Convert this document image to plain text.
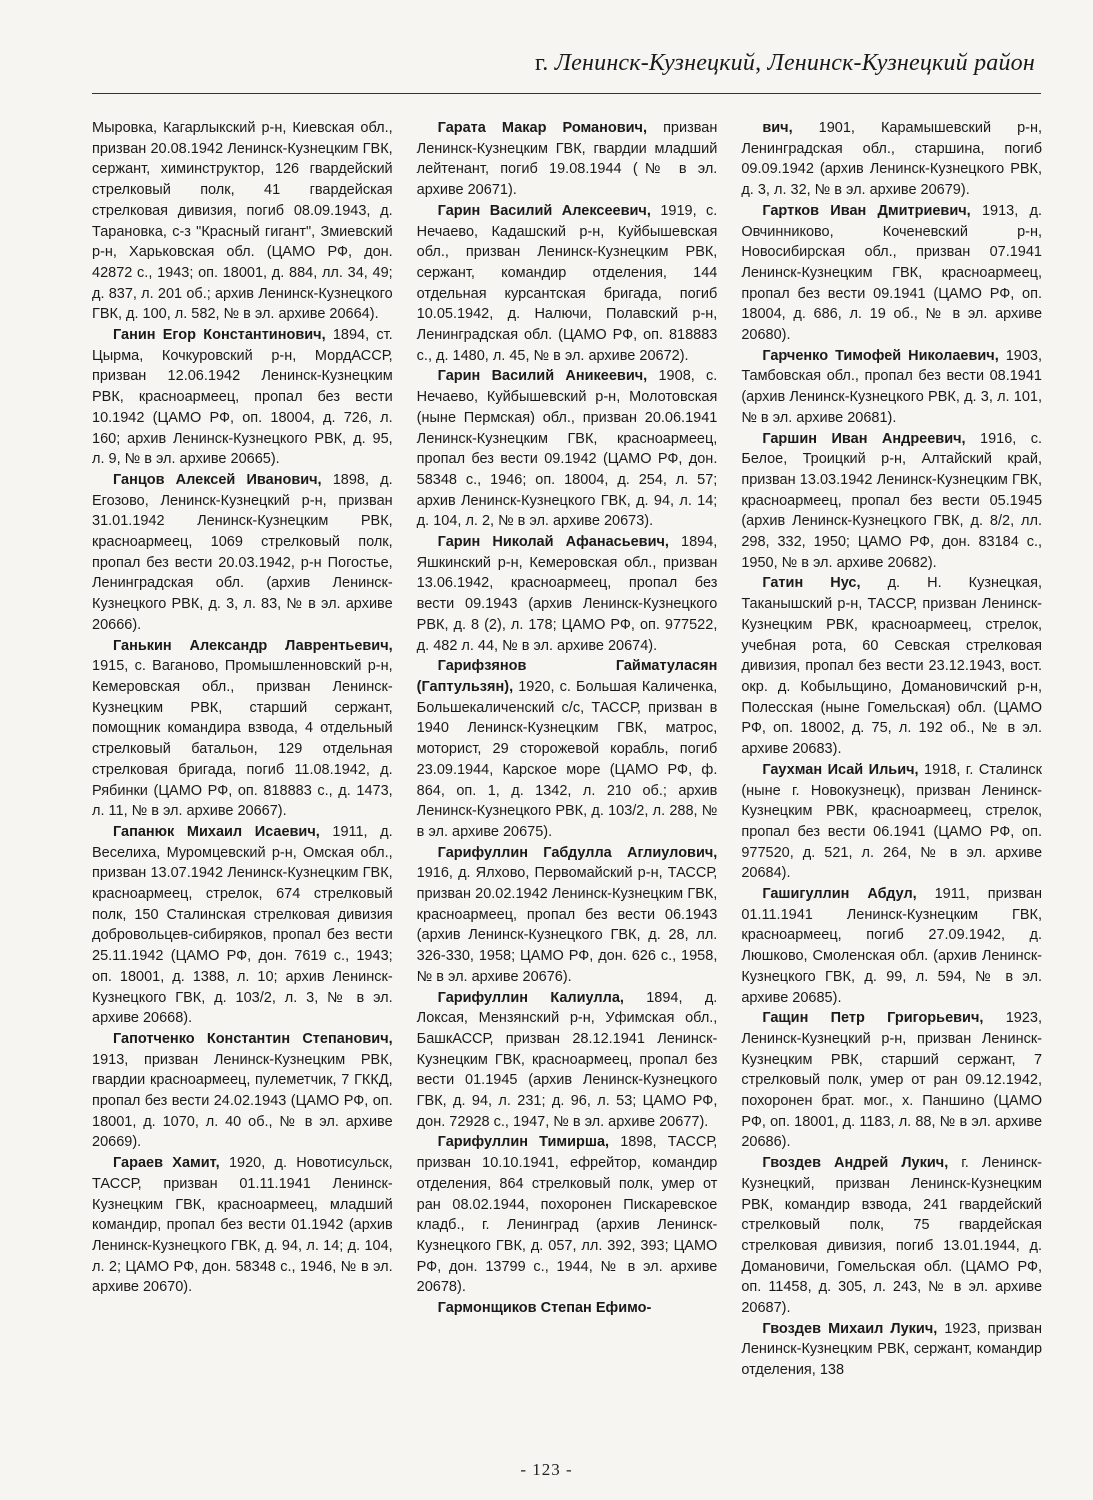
г. Ленинск-Кузнецкий, Ленинск-Кузнецкий район

Мыровка, Кагарлыкский р-н, Киевская обл., призван 20.08.1942 Ленинск-Кузнецким ГВК, сержант, химинструктор, 126 гвардейский стрелковый полк, 41 гвардейская стрелковая дивизия, погиб 08.09.1943, д. Тарановка, с-з "Красный гигант", Змиевский р-н, Харьковская обл. (ЦАМО РФ, дон. 42872 с., 1943; оп. 18001, д. 884, лл. 34, 49; д. 837, л. 201 об.; архив Ленинск-Кузнецкого ГВК, д. 100, л. 582, № в эл. архиве 20664).

Ганин Егор Константинович, 1894, ст. Цырма, Кочкуровский р-н, МордАССР, призван 12.06.1942 Ленинск-Кузнецким РВК, красноармеец, пропал без вести 10.1942 (ЦАМО РФ, оп. 18004, д. 726, л. 160; архив Ленинск-Кузнецкого РВК, д. 95, л. 9, № в эл. архиве 20665).

Ганцов Алексей Иванович, 1898, д. Егозово, Ленинск-Кузнецкий р-н, призван 31.01.1942 Ленинск-Кузнецким РВК, красноармеец, 1069 стрелковый полк, пропал без вести 20.03.1942, р-н Погостье, Ленинградская обл. (архив Ленинск-Кузнецкого РВК, д. 3, л. 83, № в эл. архиве 20666).

Ганькин Александр Лаврентьевич, 1915, с. Ваганово, Промышленновский р-н, Кемеровская обл., призван Ленинск-Кузнецким РВК, старший сержант, помощник командира взвода, 4 отдельный стрелковый батальон, 129 отдельная стрелковая бригада, погиб 11.08.1942, д. Рябинки (ЦАМО РФ, оп. 818883 с., д. 1473, л. 11, № в эл. архиве 20667).

Гапанюк Михаил Исаевич, 1911, д. Веселиха, Муромцевский р-н, Омская обл., призван 13.07.1942 Ленинск-Кузнецким ГВК, красноармеец, стрелок, 674 стрелковый полк, 150 Сталинская стрелковая дивизия добровольцев-сибиряков, пропал без вести 25.11.1942 (ЦАМО РФ, дон. 7619 с., 1943; оп. 18001, д. 1388, л. 10; архив Ленинск-Кузнецкого ГВК, д. 103/2, л. 3, № в эл. архиве 20668).

Гапотченко Константин Степанович, 1913, призван Ленинск-Кузнецким РВК, гвардии красноармеец, пулеметчик, 7 ГККД, пропал без вести 24.02.1943 (ЦАМО РФ, оп. 18001, д. 1070, л. 40 об., № в эл. архиве 20669).

Гараев Хамит, 1920, д. Новотисульск, ТАССР, призван 01.11.1941 Ленинск-Кузнецким ГВК, красноармеец, младший командир, пропал без вести 01.1942 (архив Ленинск-Кузнецкого ГВК, д. 94, л. 14; д. 104, л. 2; ЦАМО РФ, дон. 58348 с., 1946, № в эл. архиве 20670).

Гарата Макар Романович, призван Ленинск-Кузнецким ГВК, гвардии младший лейтенант, погиб 19.08.1944 (№ в эл. архиве 20671).

Гарин Василий Алексеевич, 1919, с. Нечаево, Кадашский р-н, Куйбышевская обл., призван Ленинск-Кузнецким РВК, сержант, командир отделения, 144 отдельная курсантская бригада, погиб 10.05.1942, д. Налючи, Полавский р-н, Ленинградская обл. (ЦАМО РФ, оп. 818883 с., д. 1480, л. 45, № в эл. архиве 20672).

Гарин Василий Аникеевич, 1908, с. Нечаево, Куйбышевский р-н, Молотовская (ныне Пермская) обл., призван 20.06.1941 Ленинск-Кузнецким ГВК, красноармеец, пропал без вести 09.1942 (ЦАМО РФ, дон. 58348 с., 1946; оп. 18004, д. 254, л. 57; архив Ленинск-Кузнецкого ГВК, д. 94, л. 14; д. 104, л. 2, № в эл. архиве 20673).

Гарин Николай Афанасьевич, 1894, Яшкинский р-н, Кемеровская обл., призван 13.06.1942, красноармеец, пропал без вести 09.1943 (архив Ленинск-Кузнецкого РВК, д. 8 (2), л. 178; ЦАМО РФ, оп. 977522, д. 482 л. 44, № в эл. архиве 20674).

Гарифзянов Гайматуласян (Гаптульзян), 1920, с. Большая Каличенка, Большекаличенский с/с, ТАССР, призван в 1940 Ленинск-Кузнецким ГВК, матрос, моторист, 29 сторожевой корабль, погиб 23.09.1944, Карское море (ЦАМО РФ, ф. 864, оп. 1, д. 1342, л. 210 об.; архив Ленинск-Кузнецкого РВК, д. 103/2, л. 288, № в эл. архиве 20675).

Гарифуллин Габдулла Аглиулович, 1916, д. Ялхово, Первомайский р-н, ТАССР, призван 20.02.1942 Ленинск-Кузнецким ГВК, красноармеец, пропал без вести 06.1943 (архив Ленинск-Кузнецкого ГВК, д. 28, лл. 326-330, 1958; ЦАМО РФ, дон. 626 с., 1958, № в эл. архиве 20676).

Гарифуллин Калиулла, 1894, д. Локсая, Мензянский р-н, Уфимская обл., БашкАССР, призван 28.12.1941 Ленинск-Кузнецким ГВК, красноармеец, пропал без вести 01.1945 (архив Ленинск-Кузнецкого ГВК, д. 94, л. 231; д. 96, л. 53; ЦАМО РФ, дон. 72928 с., 1947, № в эл. архиве 20677).

Гарифуллин Тимирша, 1898, ТАССР, призван 10.10.1941, ефрейтор, командир отделения, 864 стрелковый полк, умер от ран 08.02.1944, похоронен Пискаревское кладб., г. Ленинград (архив Ленинск-Кузнецкого ГВК, д. 057, лл. 392, 393; ЦАМО РФ, дон. 13799 с., 1944, № в эл. архиве 20678).

Гармонщиков Степан Ефимо-

вич, 1901, Карамышевский р-н, Ленинградская обл., старшина, погиб 09.09.1942 (архив Ленинск-Кузнецкого РВК, д. 3, л. 32, № в эл. архиве 20679).

Гартков Иван Дмитриевич, 1913, д. Овчинниково, Коченевский р-н, Новосибирская обл., призван 07.1941 Ленинск-Кузнецким ГВК, красноармеец, пропал без вести 09.1941 (ЦАМО РФ, оп. 18004, д. 686, л. 19 об., № в эл. архиве 20680).

Гарченко Тимофей Николаевич, 1903, Тамбовская обл., пропал без вести 08.1941 (архив Ленинск-Кузнецкого РВК, д. 3, л. 101, № в эл. архиве 20681).

Гаршин Иван Андреевич, 1916, с. Белое, Троицкий р-н, Алтайский край, призван 13.03.1942 Ленинск-Кузнецким ГВК, красноармеец, пропал без вести 05.1945 (архив Ленинск-Кузнецкого ГВК, д. 8/2, лл. 298, 332, 1950; ЦАМО РФ, дон. 83184 с., 1950, № в эл. архиве 20682).

Гатин Нус, д. Н. Кузнецкая, Таканышский р-н, ТАССР, призван Ленинск-Кузнецким РВК, красноармеец, стрелок, учебная рота, 60 Севская стрелковая дивизия, пропал без вести 23.12.1943, вост. окр. д. Кобыльщино, Домановичский р-н, Полесская (ныне Гомельская) обл. (ЦАМО РФ, оп. 18002, д. 75, л. 192 об., № в эл. архиве 20683).

Гаухман Исай Ильич, 1918, г. Сталинск (ныне г. Новокузнецк), призван Ленинск-Кузнецким РВК, красноармеец, стрелок, пропал без вести 06.1941 (ЦАМО РФ, оп. 977520, д. 521, л. 264, № в эл. архиве 20684).

Гашигуллин Абдул, 1911, призван 01.11.1941 Ленинск-Кузнецким ГВК, красноармеец, погиб 27.09.1942, д. Люшково, Смоленская обл. (архив Ленинск-Кузнецкого ГВК, д. 99, л. 594, № в эл. архиве 20685).

Гащин Петр Григорьевич, 1923, Ленинск-Кузнецкий р-н, призван Ленинск-Кузнецким РВК, старший сержант, 7 стрелковый полк, умер от ран 09.12.1942, похоронен брат. мог., х. Паншино (ЦАМО РФ, оп. 18001, д. 1183, л. 88, № в эл. архиве 20686).

Гвоздев Андрей Лукич, г. Ленинск-Кузнецкий, призван Ленинск-Кузнецким РВК, командир взвода, 241 гвардейский стрелковый полк, 75 гвардейская стрелковая дивизия, погиб 13.01.1944, д. Домановичи, Гомельская обл. (ЦАМО РФ, оп. 11458, д. 305, л. 243, № в эл. архиве 20687).

Гвоздев Михаил Лукич, 1923, призван Ленинск-Кузнецким РВК, сержант, командир отделения, 138

- 123 -
